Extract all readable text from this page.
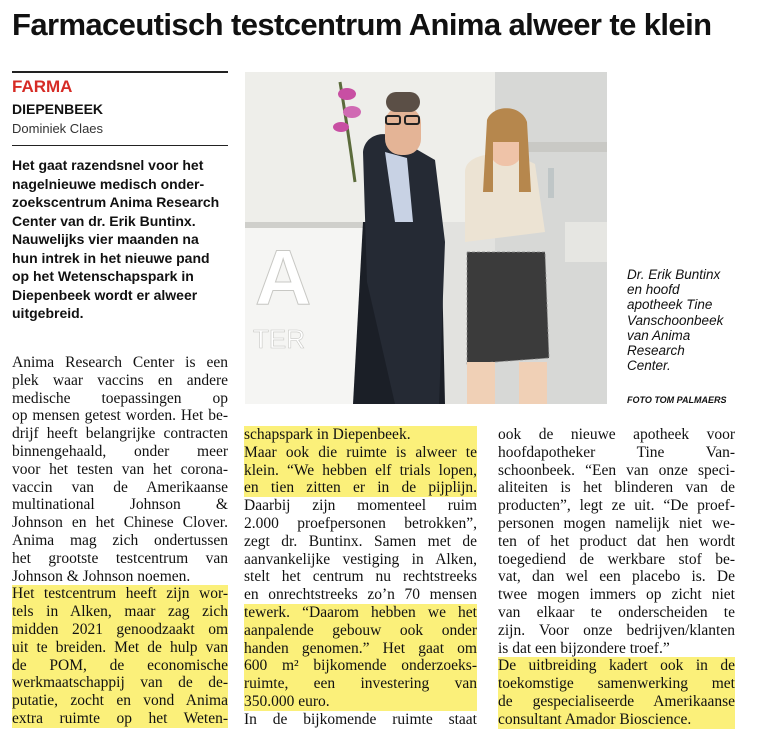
Farmaceutisch testcentrum Anima alweer te klein
FARMA
DIEPENBEEK
Dominiek Claes
Het gaat razendsnel voor het
nagelnieuwe medisch onder-
zoekscentrum Anima Research
Center van dr. Erik Buntinx.
Nauwelijks vier maanden na
hun intrek in het nieuwe pand
op het Wetenschapspark in
Diepenbeek wordt er alweer
uitgebreid.	A
TER
Dr. Erik Buntinx
en hoofd
apotheek Tine
Vanschoonbeek
van Anima
Research
Center.
FOTO TOM PALMAERS
Anima Research Center is een
plek waar vaccins en andere
medische toepassingen op
op mensen getest worden. Het be-
drijf heeft belangrijke contracten
binnengehaald, onder meer
voor het testen van het corona-
vaccin van de Amerikaanse
multinational Johnson &
Johnson en het Chinese Clover.
Anima mag zich ondertussen
het grootste testcentrum van
Johnson & Johnson noemen.
Het testcentrum heeft zijn wor-
tels in Alken, maar zag zich
midden 2021 genoodzaakt om
uit te breiden. Met de hulp van
de POM, de economische
werkmaatschappij van de de-
putatie, zocht en vond Anima
extra ruimte op het Weten-
schapspark in Diepenbeek.
Maar ook die ruimte is alweer te
klein. “We hebben elf trials lopen,
en tien zitten er in de pijplijn.
Daarbij zijn momenteel ruim
2.000 proefpersonen betrokken”,
zegt dr. Buntinx. Samen met de
aanvankelijke vestiging in Alken,
stelt het centrum nu rechtstreeks
en onrechtstreeks zo’n 70 mensen
tewerk. “Daarom hebben we het
aanpalende gebouw ook onder
handen genomen.” Het gaat om
600 m² bijkomende onderzoeks-
ruimte, een investering van
350.000 euro.
In de bijkomende ruimte staat
ook de nieuwe apotheek voor
hoofdapotheker Tine Van-
schoonbeek. “Een van onze speci-
aliteiten is het blinderen van de
producten”, legt ze uit. “De proef-
personen mogen namelijk niet we-
ten of het product dat hen wordt
toegediend de werkbare stof be-
vat, dan wel een placebo is. De
twee mogen immers op zicht niet
van elkaar te onderscheiden te
zijn. Voor onze bedrijven/klanten
is dat een bijzondere troef.”
De uitbreiding kadert ook in de
toekomstige samenwerking met
de gespecialiseerde Amerikaanse
consultant Amador Bioscience.
